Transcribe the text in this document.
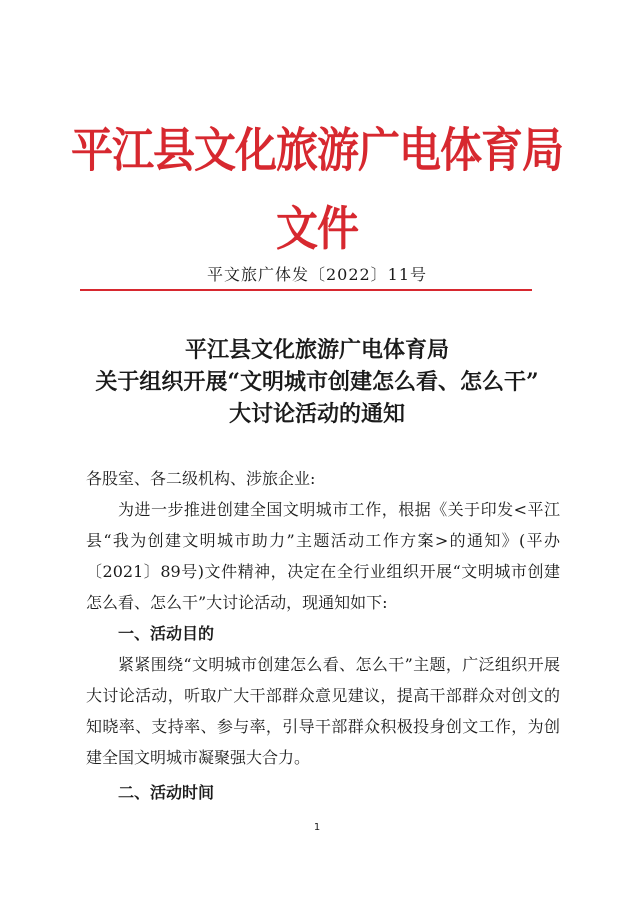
平江县文化旅游广电体育局文件
平文旅广体发〔2022〕11号
平江县文化旅游广电体育局
关于组织开展“文明城市创建怎么看、怎么干”
大讨论活动的通知

各股室、各二级机构、涉旅企业:

为进一步推进创建全国文明城市工作，根据《关于印发<平江县“我为创建文明城市助力”主题活动工作方案>的通知》(平办〔2021〕89号)文件精神，决定在全行业组织开展“文明城市创建怎么看、怎么干”大讨论活动，现通知如下:

一、活动目的

紧紧围绕“文明城市创建怎么看、怎么干”主题，广泛组织开展大讨论活动，听取广大干部群众意见建议，提高干部群众对创文的知晓率、支持率、参与率，引导干部群众积极投身创文工作，为创建全国文明城市凝聚强大合力。

二、活动时间

1
